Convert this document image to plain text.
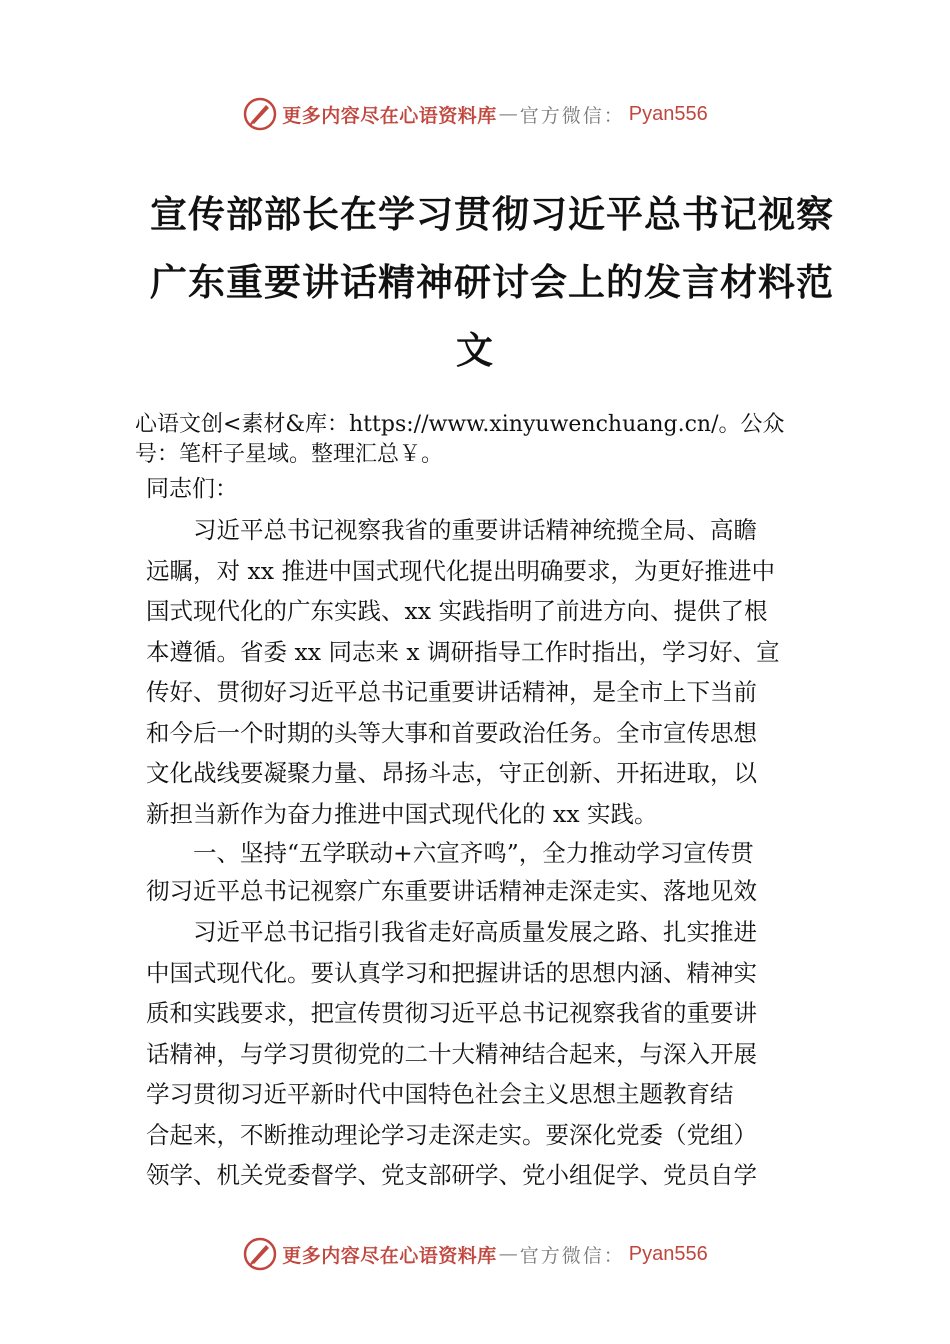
更多内容尽在心语资料库 — 官方微信： Pyan556
宣传部部长在学习贯彻习近平总书记视察
广东重要讲话精神研讨会上的发言材料范
文
心语文创<素材&库：https://www.xinyuwenchuang.cn/。公众
号：笔杆子星域。整理汇总￥。
同志们：
　　习近平总书记视察我省的重要讲话精神统揽全局、高瞻
远瞩，对 xx 推进中国式现代化提出明确要求，为更好推进中
国式现代化的广东实践、xx 实践指明了前进方向、提供了根
本遵循。省委 xx 同志来 x 调研指导工作时指出，学习好、宣
传好、贯彻好习近平总书记重要讲话精神，是全市上下当前
和今后一个时期的头等大事和首要政治任务。全市宣传思想
文化战线要凝聚力量、昂扬斗志，守正创新、开拓进取，以
新担当新作为奋力推进中国式现代化的 xx 实践。
　　一、坚持“五学联动+六宣齐鸣”，全力推动学习宣传贯
彻习近平总书记视察广东重要讲话精神走深走实、落地见效
　　习近平总书记指引我省走好高质量发展之路、扎实推进
中国式现代化。要认真学习和把握讲话的思想内涵、精神实
质和实践要求，把宣传贯彻习近平总书记视察我省的重要讲
话精神，与学习贯彻党的二十大精神结合起来，与深入开展
学习贯彻习近平新时代中国特色社会主义思想主题教育结
合起来，不断推动理论学习走深走实。要深化党委（党组）
领学、机关党委督学、党支部研学、党小组促学、党员自学
更多内容尽在心语资料库 — 官方微信： Pyan556
